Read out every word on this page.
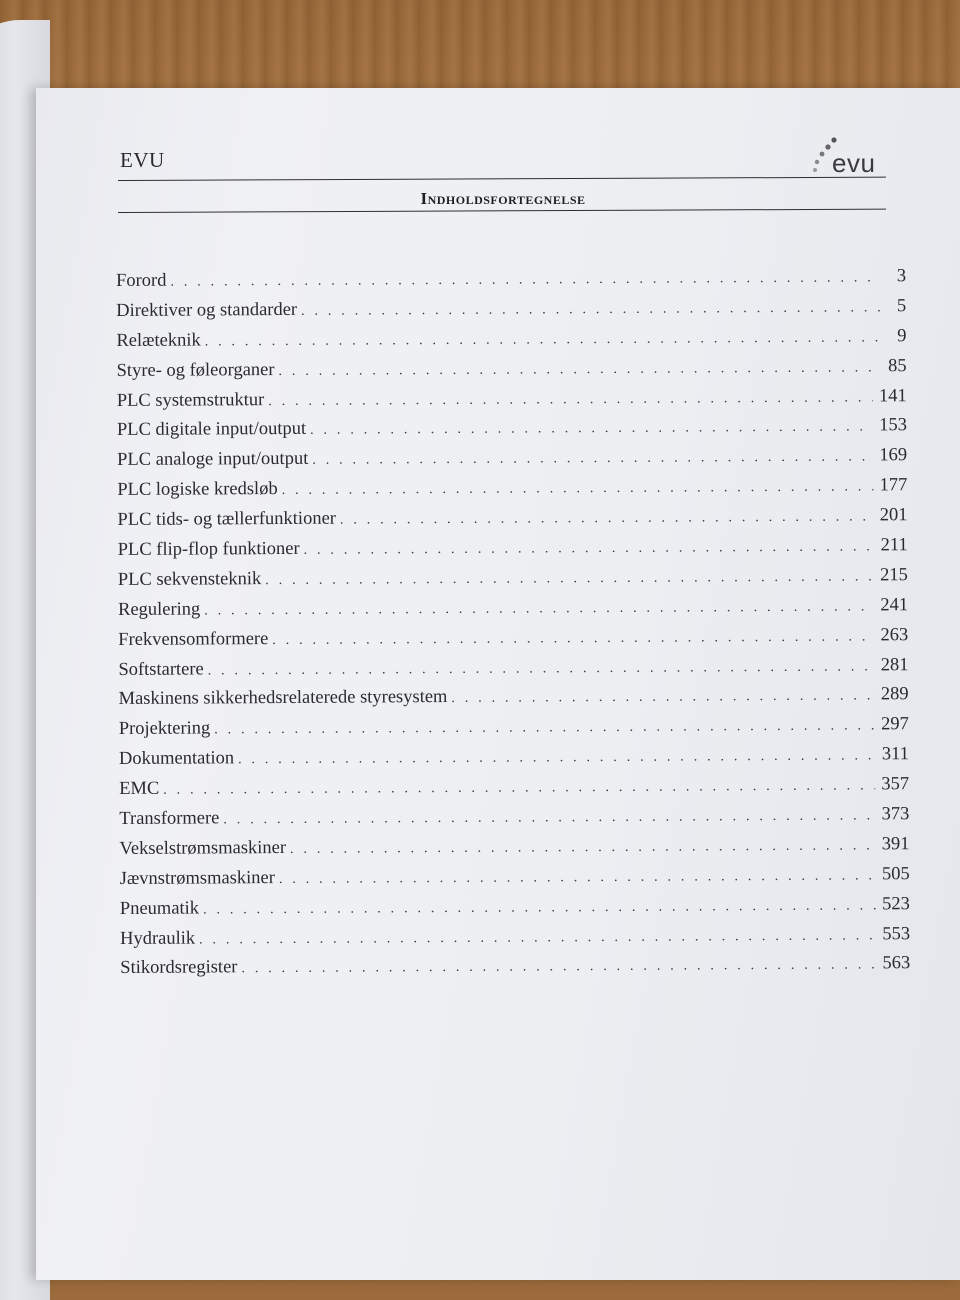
EVU	evu
Indholdsfortegnelse
Forord . . .	3
Direktiver og standarder . . .	5
Relæteknik . . .	9
Styre- og føleorganer . . .	85
PLC systemstruktur . . .	141
PLC digitale input/output . . .	153
PLC analoge input/output . . .	169
PLC logiske kredsløb . . .	177
PLC tids- og tællerfunktioner . . .	201
PLC flip-flop funktioner . . .	211
PLC sekvensteknik . . .	215
Regulering . . .	241
Frekvensomformere . . .	263
Softstartere . . .	281
Maskinens sikkerhedsrelaterede styresystem . . .	289
Projektering . . .	297
Dokumentation . . .	311
EMC . . .	357
Transformere . . .	373
Vekselstrømsmaskiner . . .	391
Jævnstrømsmaskiner . . .	505
Pneumatik . . .	523
Hydraulik . . .	553
Stikordsregister . . .	563
